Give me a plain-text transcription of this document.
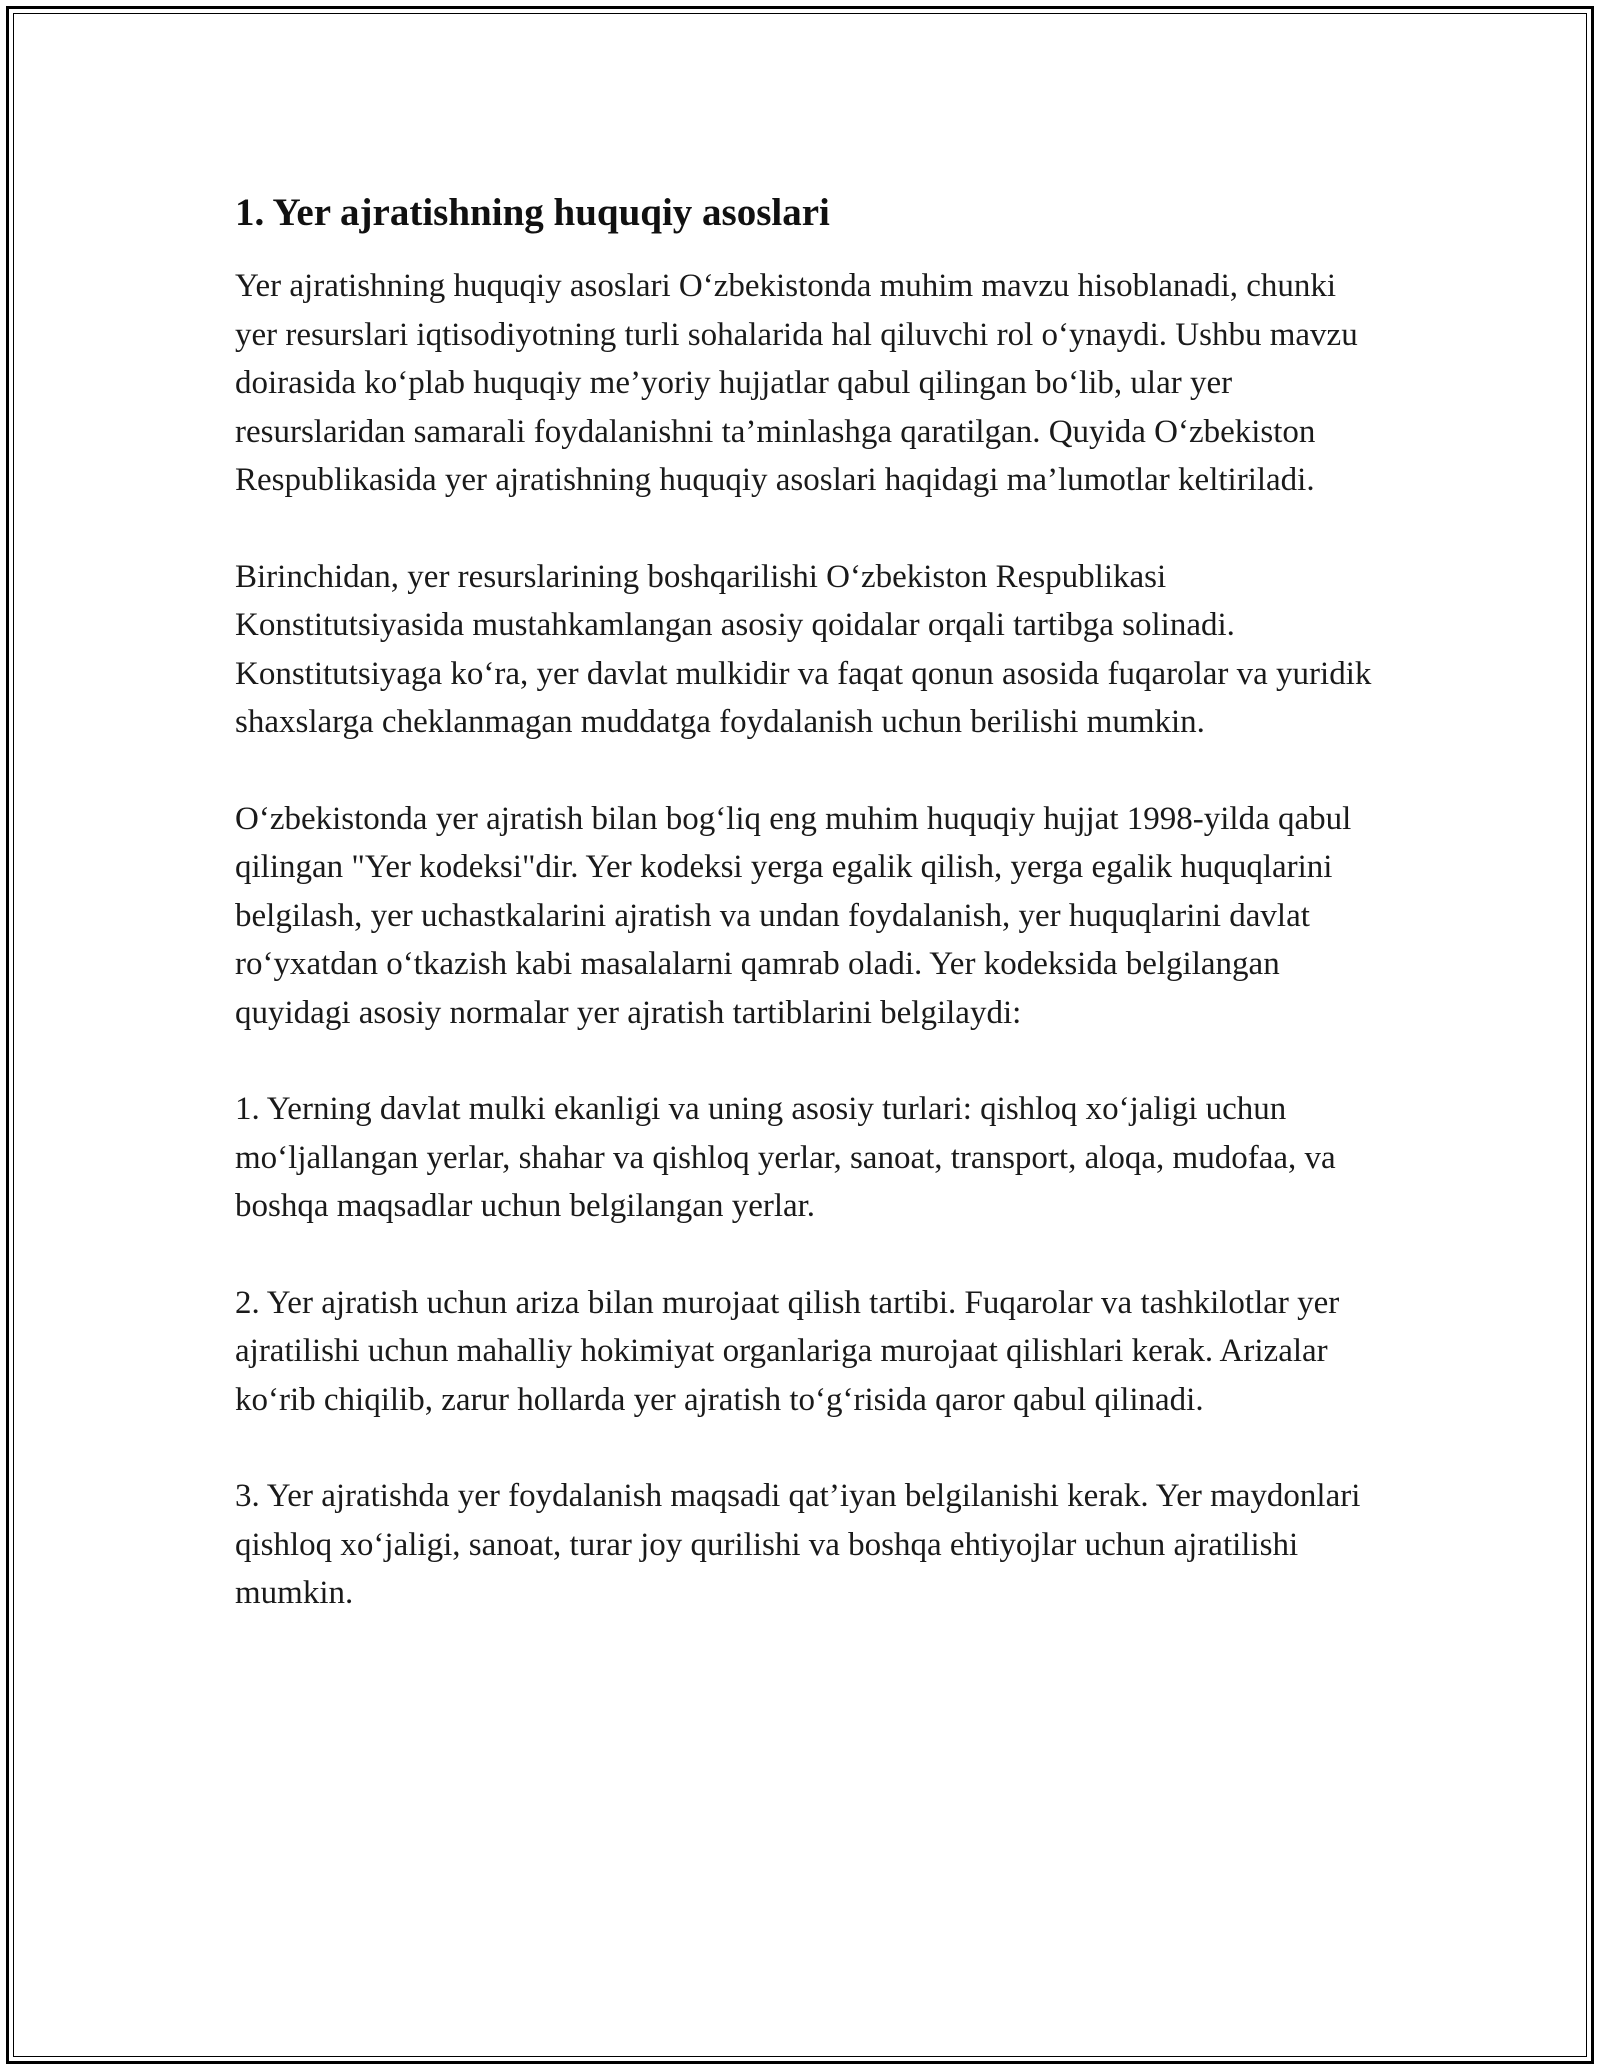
1. Yer ajratishning huquqiy asoslari

Yer ajratishning huquqiy asoslari O‘zbekistonda muhim mavzu hisoblanadi, chunki yer resurslari iqtisodiyotning turli sohalarida hal qiluvchi rol o‘ynaydi. Ushbu mavzu doirasida ko‘plab huquqiy me’yoriy hujjatlar qabul qilingan bo‘lib, ular yer resurslaridan samarali foydalanishni ta’minlashga qaratilgan. Quyida O‘zbekiston Respublikasida yer ajratishning huquqiy asoslari haqidagi ma’lumotlar keltiriladi.

Birinchidan, yer resurslarining boshqarilishi O‘zbekiston Respublikasi Konstitutsiyasida mustahkamlangan asosiy qoidalar orqali tartibga solinadi. Konstitutsiyaga ko‘ra, yer davlat mulkidir va faqat qonun asosida fuqarolar va yuridik shaxslarga cheklanmagan muddatga foydalanish uchun berilishi mumkin.

O‘zbekistonda yer ajratish bilan bog‘liq eng muhim huquqiy hujjat 1998-yilda qabul qilingan "Yer kodeksi"dir. Yer kodeksi yerga egalik qilish, yerga egalik huquqlarini belgilash, yer uchastkalarini ajratish va undan foydalanish, yer huquqlarini davlat ro‘yxatdan o‘tkazish kabi masalalarni qamrab oladi. Yer kodeksida belgilangan quyidagi asosiy normalar yer ajratish tartiblarini belgilaydi:

1. Yerning davlat mulki ekanligi va uning asosiy turlari: qishloq xo‘jaligi uchun mo‘ljallangan yerlar, shahar va qishloq yerlar, sanoat, transport, aloqa, mudofaa, va boshqa maqsadlar uchun belgilangan yerlar.

2. Yer ajratish uchun ariza bilan murojaat qilish tartibi. Fuqarolar va tashkilotlar yer ajratilishi uchun mahalliy hokimiyat organlariga murojaat qilishlari kerak. Arizalar ko‘rib chiqilib, zarur hollarda yer ajratish to‘g‘risida qaror qabul qilinadi.

3. Yer ajratishda yer foydalanish maqsadi qat’iyan belgilanishi kerak. Yer maydonlari qishloq xo‘jaligi, sanoat, turar joy qurilishi va boshqa ehtiyojlar uchun ajratilishi mumkin.
